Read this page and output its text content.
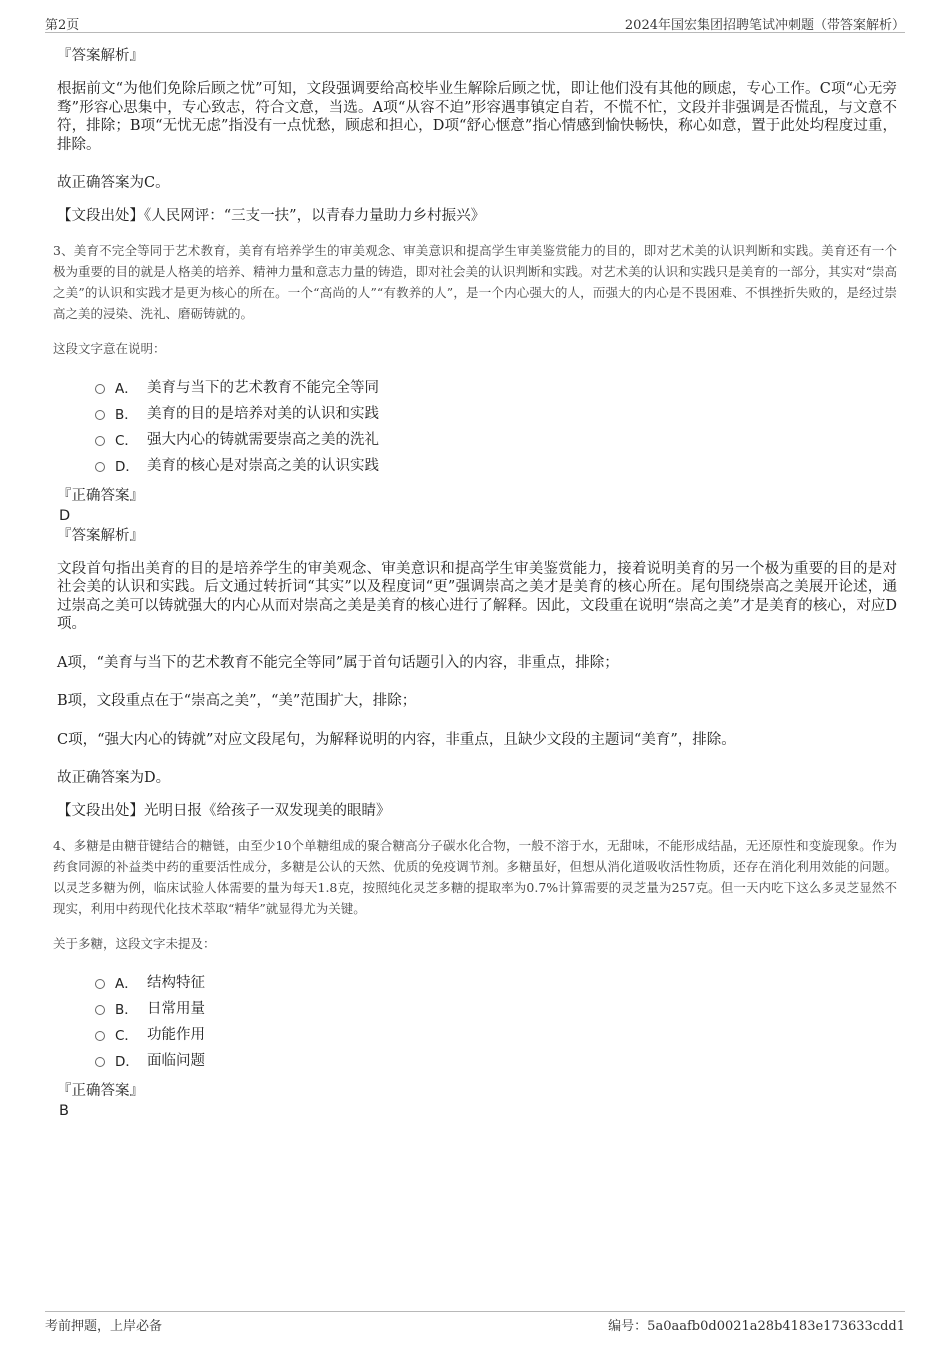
第2页	2024年国宏集团招聘笔试冲刺题（带答案解析）
『答案解析』

根据前文“为他们免除后顾之忧”可知，文段强调要给高校毕业生解除后顾之忧，即让他们没有其他的顾虑，专心工作。C项“心无旁骛”形容心思集中，专心致志，符合文意，当选。A项“从容不迫”形容遇事镇定自若，不慌不忙，文段并非强调是否慌乱，与文意不符，排除；B项“无忧无虑”指没有一点忧愁，顾虑和担心，D项“舒心惬意”指心情感到愉快畅快，称心如意，置于此处均程度过重，排除。

故正确答案为C。

【文段出处】《人民网评：“三支一扶”，以青春力量助力乡村振兴》
3、美育不完全等同于艺术教育，美育有培养学生的审美观念、审美意识和提高学生审美鉴赏能力的目的，即对艺术美的认识判断和实践。美育还有一个极为重要的目的就是人格美的培养、精神力量和意志力量的铸造，即对社会美的认识判断和实践。对艺术美的认识和实践只是美育的一部分，其实对“崇高之美”的认识和实践才是更为核心的所在。一个“高尚的人”“有教养的人”，是一个内心强大的人，而强大的内心是不畏困难、不惧挫折失败的，是经过崇高之美的浸染、洗礼、磨砺铸就的。
这段文字意在说明：
A． 美育与当下的艺术教育不能完全等同
B． 美育的目的是培养对美的认识和实践
C． 强大内心的铸就需要崇高之美的洗礼
D． 美育的核心是对崇高之美的认识实践
『正确答案』
D
『答案解析』

文段首句指出美育的目的是培养学生的审美观念、审美意识和提高学生审美鉴赏能力，接着说明美育的另一个极为重要的目的是对社会美的认识和实践。后文通过转折词“其实”以及程度词“更”强调崇高之美才是美育的核心所在。尾句围绕崇高之美展开论述，通过崇高之美可以铸就强大的内心从而对崇高之美是美育的核心进行了解释。因此，文段重在说明“崇高之美”才是美育的核心，对应D项。

A项，“美育与当下的艺术教育不能完全等同”属于首句话题引入的内容，非重点，排除；

B项，文段重点在于“崇高之美”，“美”范围扩大，排除；

C项，“强大内心的铸就”对应文段尾句，为解释说明的内容，非重点，且缺少文段的主题词“美育”，排除。

故正确答案为D。

【文段出处】光明日报《给孩子一双发现美的眼睛》
4、多糖是由糖苷键结合的糖链，由至少10个单糖组成的聚合糖高分子碳水化合物，一般不溶于水，无甜味，不能形成结晶，无还原性和变旋现象。作为药食同源的补益类中药的重要活性成分，多糖是公认的天然、优质的免疫调节剂。多糖虽好，但想从消化道吸收活性物质，还存在消化利用效能的问题。以灵芝多糖为例，临床试验人体需要的量为每天1.8克，按照纯化灵芝多糖的提取率为0.7%计算需要的灵芝量为257克。但一天内吃下这么多灵芝显然不现实，利用中药现代化技术萃取“精华”就显得尤为关键。
关于多糖，这段文字未提及：
A． 结构特征
B． 日常用量
C． 功能作用
D． 面临问题
『正确答案』
B
考前押题，上岸必备	编号：5a0aafb0d0021a28b4183e173633cdd1
